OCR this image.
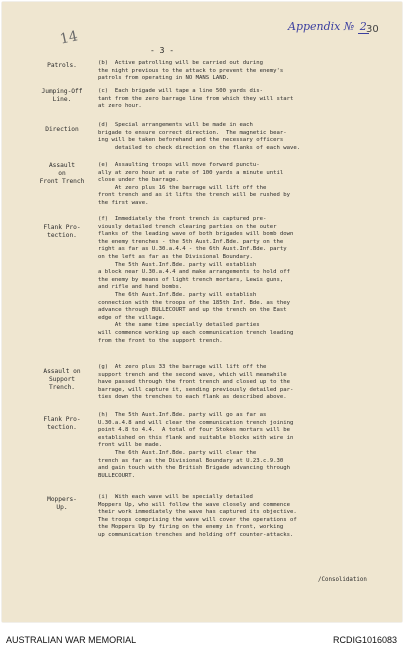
14
Appendix № 2 30
- 3 -
Patrols.
Jumping-Off
Line.
Direction
Assault
on
Front Trench
Flank Pro-
tection.
Assault on
Support
Trench.
Flank Pro-
tection.
Moppers-
Up.
(b)  Active patrolling will be carried out during
the night previous to the attack to prevent the enemy's
patrols from operating in NO MANS LAND.
(c)  Each brigade will tape a line 500 yards dis-
tant from the zero barrage line from which they will start
at zero hour.
(d)  Special arrangements will be made in each
brigade to ensure correct direction.  The magnetic bear-
ing will be taken beforehand and the necessary officers
detailed to check direction on the flanks of each wave.
(e)  Assaulting troops will move forward punctu-
ally at zero hour at a rate of 100 yards a minute until
close under the barrage.
At zero plus 16 the barrage will lift off the
front trench and as it lifts the trench will be rushed by
the first wave.
(f)  Immediately the front trench is captured pre-
viously detailed trench clearing parties on the outer
flanks of the leading wave of both brigades will bomb down
the enemy trenches - the 5th Aust.Inf.Bde. party on the
right as far as U.30.a.4.4 - the 6th Aust.Inf.Bde. party
on the left as far as the Divisional Boundary.
The 5th Aust.Inf.Bde. party will establish
a block near U.30.a.4.4 and make arrangements to hold off
the enemy by means of light trench mortars, Lewis guns,
and rifle and hand bombs.
The 6th Aust.Inf.Bde. party will establish
connection with the troops of the 185th Inf. Bde. as they
advance through BULLECOURT and up the trench on the East
edge of the village.
At the same time specially detailed parties
will commence working up each communication trench leading
from the front to the support trench.
(g)  At zero plus 33 the barrage will lift off the
support trench and the second wave, which will meanwhile
have passed through the front trench and closed up to the
barrage, will capture it, sending previously detailed par-
ties down the trenches to each flank as described above.
(h)  The 5th Aust.Inf.Bde. party will go as far as
U.30.a.4.8 and will clear the communication trench joining
point 4.8 to 4.4.  A total of four Stokes mortars will be
established on this flank and suitable blocks with wire in
front will be made.
The 6th Aust.Inf.Bde. party will clear the
trench as far as the Divisional Boundary at U.23.c.9.30
and gain touch with the British Brigade advancing through
BULLECOURT.
(i)  With each wave will be specially detailed
Moppers Up, who will follow the wave closely and commence
their work immediately the wave has captured its objective.
The troops comprising the wave will cover the operations of
the Moppers Up by firing on the enemy in front, working
up communication trenches and holding off counter-attacks.
/Consolidation
AUSTRALIAN WAR MEMORIAL	RCDIG1016083
